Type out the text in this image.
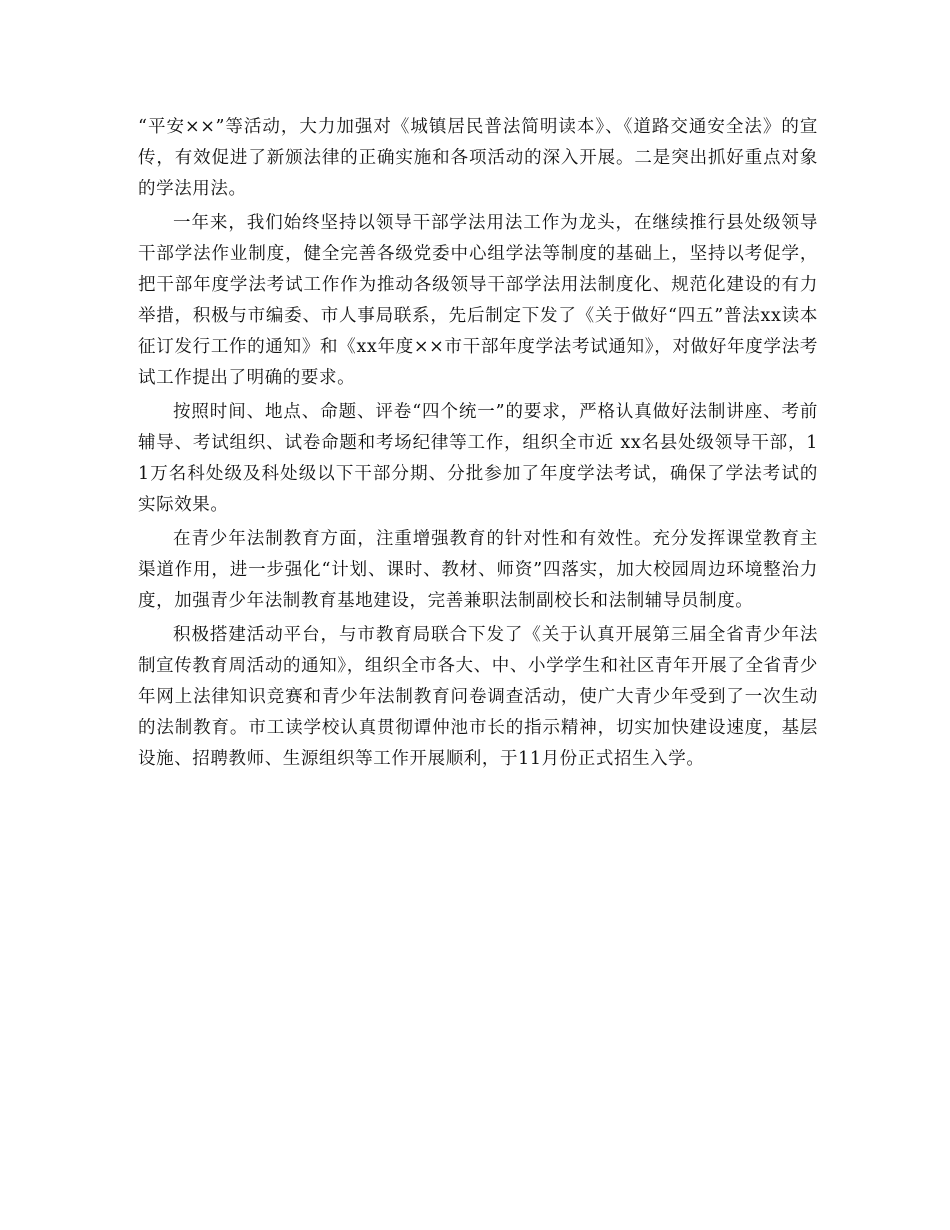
“平安××”等活动，大力加强对《城镇居民普法简明读本》、《道路交通安全法》的宣传，有效促进了新颁法律的正确实施和各项活动的深入开展。二是突出抓好重点对象的学法用法。

一年来，我们始终坚持以领导干部学法用法工作为龙头，在继续推行县处级领导干部学法作业制度，健全完善各级党委中心组学法等制度的基础上，坚持以考促学，把干部年度学法考试工作作为推动各级领导干部学法用法制度化、规范化建设的有力举措，积极与市编委、市人事局联系，先后制定下发了《关于做好“四五”普法xx读本征订发行工作的通知》和《xx年度××市干部年度学法考试通知》，对做好年度学法考试工作提出了明确的要求。

按照时间、地点、命题、评卷“四个统一”的要求，严格认真做好法制讲座、考前辅导、考试组织、试卷命题和考场纪律等工作，组织全市近 xx名县处级领导干部，11万名科处级及科处级以下干部分期、分批参加了年度学法考试，确保了学法考试的实际效果。

在青少年法制教育方面，注重增强教育的针对性和有效性。充分发挥课堂教育主渠道作用，进一步强化“计划、课时、教材、师资”四落实，加大校园周边环境整治力度，加强青少年法制教育基地建设，完善兼职法制副校长和法制辅导员制度。

积极搭建活动平台，与市教育局联合下发了《关于认真开展第三届全省青少年法制宣传教育周活动的通知》，组织全市各大、中、小学学生和社区青年开展了全省青少年网上法律知识竞赛和青少年法制教育问卷调查活动，使广大青少年受到了一次生动的法制教育。市工读学校认真贯彻谭仲池市长的指示精神，切实加快建设速度，基层设施、招聘教师、生源组织等工作开展顺利，于11月份正式招生入学。
